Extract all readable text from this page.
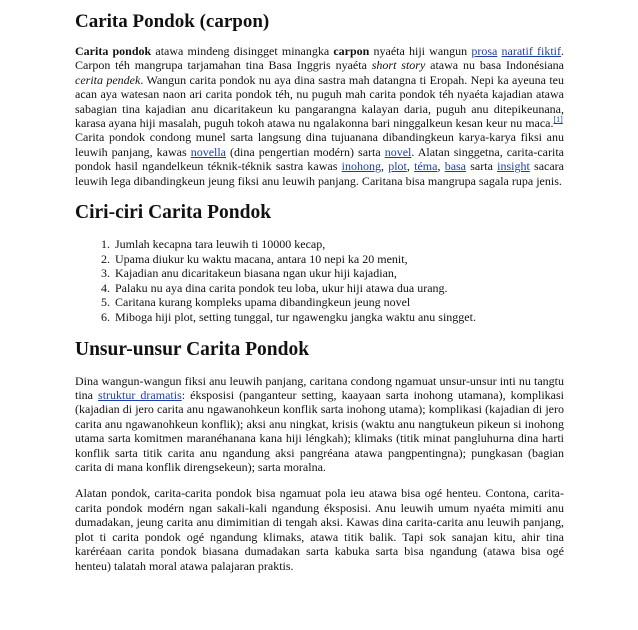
Carita Pondok (carpon)

Carita pondok atawa mindeng disingget minangka carpon nyaéta hiji wangun prosa naratif fiktif. Carpon téh mangrupa tarjamahan tina Basa Inggris nyaéta short story atawa nu basa Indonésiana cerita pendek. Wangun carita pondok nu aya dina sastra mah datangna ti Eropah. Nepi ka ayeuna teu acan aya watesan naon ari carita pondok téh, nu puguh mah carita pondok téh nyaéta kajadian atawa sabagian tina kajadian anu dicaritakeun ku pangarangna kalayan daria, puguh anu ditepikeunana, karasa ayana hiji masalah, puguh tokoh atawa nu ngalakonna bari ninggalkeun kesan keur nu maca.[1]
Carita pondok condong munel sarta langsung dina tujuanana dibandingkeun karya-karya fiksi anu leuwih panjang, kawas novella (dina pengertian modérn) sarta novel. Alatan singgetna, carita-carita pondok hasil ngandelkeun téknik-téknik sastra kawas inohong, plot, téma, basa sarta insight sacara leuwih lega dibandingkeun jeung fiksi anu leuwih panjang. Caritana bisa mangrupa sagala rupa jenis.

Ciri-ciri Carita Pondok
1. Jumlah kecapna tara leuwih ti 10000 kecap,
2. Upama diukur ku waktu macana, antara 10 nepi ka 20 menit,
3. Kajadian anu dicaritakeun biasana ngan ukur hiji kajadian,
4. Palaku nu aya dina carita pondok teu loba, ukur hiji atawa dua urang.
5. Caritana kurang kompleks upama dibandingkeun jeung novel
6. Miboga hiji plot, setting tunggal, tur ngawengku jangka waktu anu singget.
Unsur-unsur Carita Pondok

Dina wangun-wangun fiksi anu leuwih panjang, caritana condong ngamuat unsur-unsur inti nu tangtu tina struktur dramatis: éksposisi (panganteur setting, kaayaan sarta inohong utamana), komplikasi (kajadian di jero carita anu ngawanohkeun konflik sarta inohong utama); komplikasi (kajadian di jero carita anu ngawanohkeun konflik); aksi anu ningkat, krisis (waktu anu nangtukeun pikeun si inohong utama sarta komitmen maranéhanana kana hiji léngkah); klimaks (titik minat pangluhurna dina harti konflik sarta titik carita anu ngandung aksi pangréana atawa pangpentingna); pungkasan (bagian carita di mana konflik direngsekeun); sarta moralna.

Alatan pondok, carita-carita pondok bisa ngamuat pola ieu atawa bisa ogé henteu. Contona, carita-carita pondok modérn ngan sakali-kali ngandung éksposisi. Anu leuwih umum nyaéta mimiti anu dumadakan, jeung carita anu dimimitian di tengah aksi. Kawas dina carita-carita anu leuwih panjang, plot ti carita pondok ogé ngandung klimaks, atawa titik balik. Tapi sok sanajan kitu, ahir tina karéréaan carita pondok biasana dumadakan sarta kabuka sarta bisa ngandung (atawa bisa ogé henteu) talatah moral atawa palajaran praktis.
